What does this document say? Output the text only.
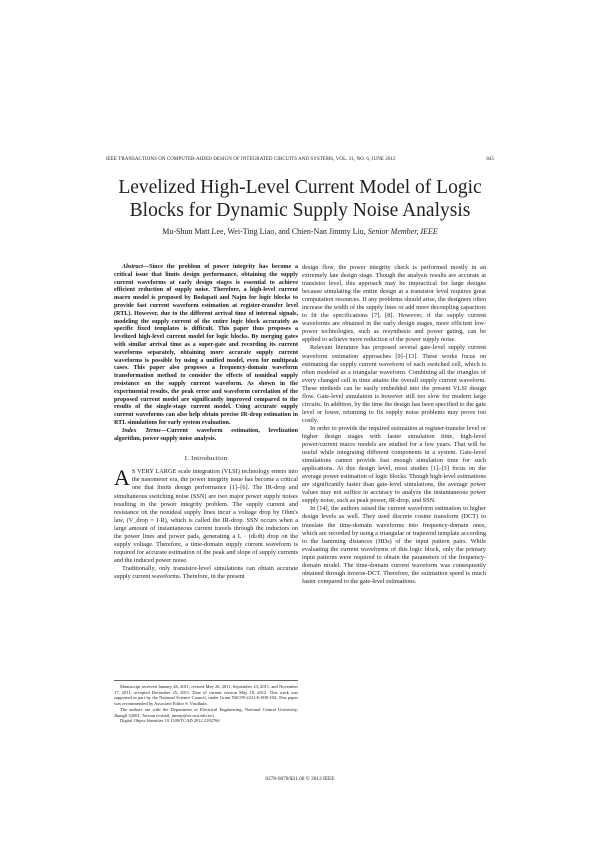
IEEE TRANSACTIONS ON COMPUTER-AIDED DESIGN OF INTEGRATED CIRCUITS AND SYSTEMS, VOL. 31, NO. 6, JUNE 2012	845
Levelized High-Level Current Model of Logic
Blocks for Dynamic Supply Noise Analysis
Mu-Shun Matt Lee, Wei-Ting Liao, and Chien-Nan Jimmy Liu, Senior Member, IEEE

Abstract—Since the problem of power integrity has become a critical issue that limits design performance, obtaining the supply current waveforms at early design stages is essential to achieve efficient reduction of supply noise. Therefore, a high-level current macro model is proposed by Bodapati and Najm for logic blocks to provide fast current waveform estimation at register-transfer level (RTL). However, due to the different arrival time of internal signals, modeling the supply current of the entire logic block accurately as specific fixed templates is difficult. This paper thus proposes a levelized high-level current model for logic blocks. By merging gates with similar arrival time as a super-gate and recording its current waveforms separately, obtaining more accurate supply current waveforms is possible by using a unified model, even for multipeak cases. This paper also proposes a frequency-domain waveform transformation method to consider the effects of nonideal supply resistance on the supply current waveform. As shown in the experimental results, the peak error and waveform correlation of the proposed current model are significantly improved compared to the results of the single-stage current model. Using accurate supply current waveforms can also help obtain precise IR-drop estimation in RTL simulations for early system evaluation.

Index Terms—Current waveform estimation, levelization algorithm, power supply noise analysis.

I. Introduction

A S VERY LARGE scale integration (VLSI) technology enters into the nanometer era, the power integrity issue has become a critical one that limits design performance [1]–[6]. The IR-drop and simultaneous switching noise (SSN) are two major power supply noises resulting in the power integrity problem. The supply current and resistance on the nonideal supply lines incur a voltage drop by Ohm's law, (V_drop = I·R), which is called the IR-drop. SSN occurs when a large amount of instantaneous current travels through the inductors on the power lines and power pads, generating a L · (di/dt) drop on the supply voltage. Therefore, a time-domain supply current waveform is required for accurate estimation of the peak and slope of supply currents and the induced power noise.

Traditionally, only transistor-level simulations can obtain accurate supply current waveforms. Therefore, in the present

Manuscript received January 26, 2011; revised May 26, 2011, September 23, 2011, and November 17, 2011; accepted December 25, 2011. Date of current version May 18, 2012. This work was supported in part by the National Science Council, under Grant NSC99-2221-E-008-104. This paper was recommended by Associate Editor S. Vrudhula.

The authors are with the Department of Electrical Engineering, National Central University, Jhongli 32001, Taiwan (e-mail: jimmy@ee.ncu.edu.tw).

Digital Object Identifier 10.1109/TCAD.2012.2182766

design flow, the power integrity check is performed mostly in an extremely late design stage. Though the analysis results are accurate at transistor level, this approach may be impractical for large designs because simulating the entire design at a transistor level requires great computation resources. If any problems should arise, the designers often increase the width of the supply lines or add more decoupling capacitors to fit the specifications [7], [8]. However, if the supply current waveforms are obtained in the early design stages, more efficient low-power technologies, such as resynthesis and power gating, can be applied to achieve more reduction of the power supply noise.

Relevant literature has proposed several gate-level supply current waveform estimation approaches [9]–[13]. These works focus on estimating the supply current waveform of each switched cell, which is often modeled as a triangular waveform. Combining all the triangles of every changed cell in time attains the overall supply current waveform. These methods can be easily embedded into the present VLSI design flow. Gate-level simulation is however still too slow for modern large circuits. In addition, by the time the design has been specified to the gate level or lower, returning to fix supply noise problems may prove too costly.

In order to provide the required estimation at register-transfer level or higher design stages with faster simulation time, high-level power/current macro models are studied for a few years. That will be useful while integrating different components in a system. Gate-level simulations cannot provide fast enough simulation time for such applications. At this design level, most studies [1]–[3] focus on the average power estimation of logic blocks. Though high-level estimations are significantly faster than gate-level simulations, the average power values may not suffice in accuracy to analyze the instantaneous power supply noise, such as peak power, IR-drop, and SSN.

In [14], the authors raised the current waveform estimation to higher design levels as well. They used discrete cosine transform (DCT) to translate the time-domain waveforms into frequency-domain ones, which are recorded by using a triangular or trapezoid template according to the hamming distances (HDs) of the input pattern pairs. While evaluating the current waveforms of this logic block, only the primary input patterns were required to obtain the parameters of the frequency-domain model. The time-domain current waveform was consequently obtained through inverse-DCT. Therefore, the estimation speed is much faster compared to the gate-level estimations.

0278-0070/$31.00 © 2012 IEEE
